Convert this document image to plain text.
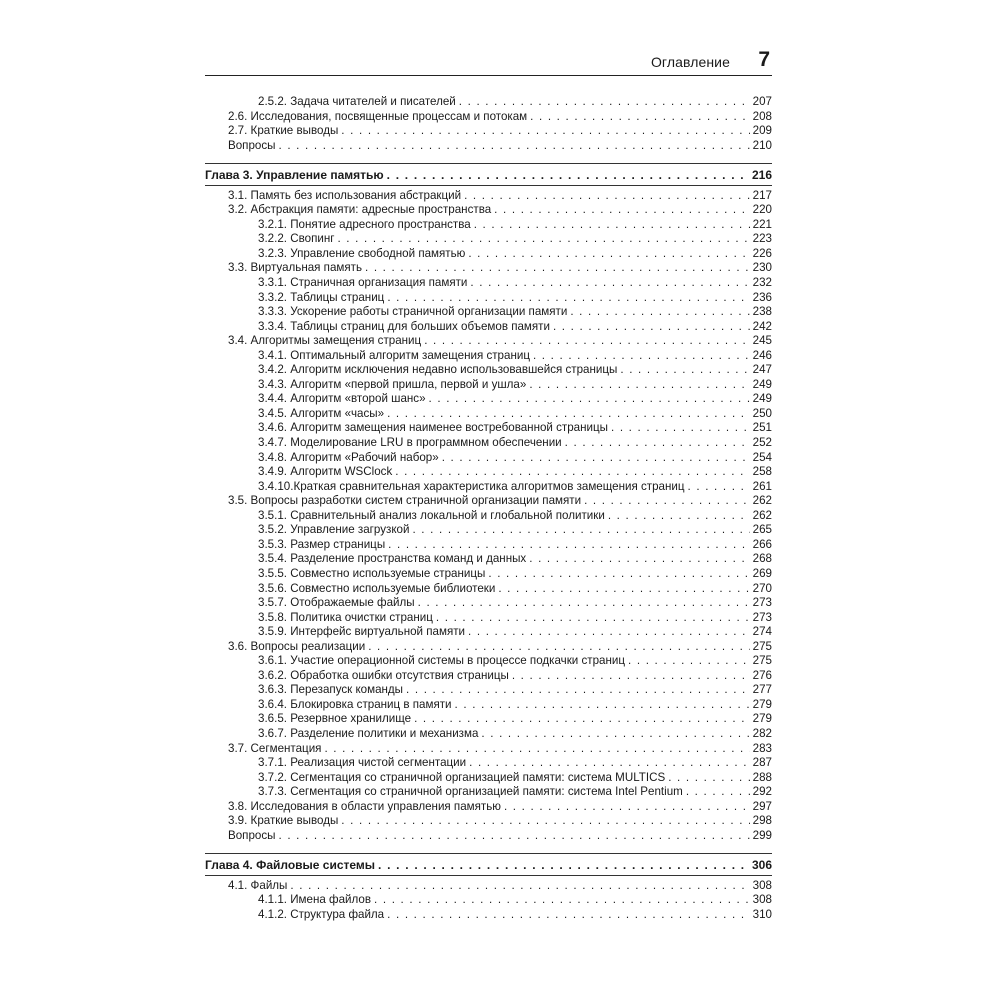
Оглавление 7
2.5.2. Задача читателей и писателей . . .	207
2.6. Исследования, посвященные процессам и потокам . . .	208
2.7. Краткие выводы . . .	209
Вопросы . . .	210
Глава 3. Управление памятью . . .	216
3.1. Память без использования абстракций . . .	217
3.2. Абстракция памяти: адресные пространства . . .	220
3.2.1. Понятие адресного пространства . . .	221
3.2.2. Свопинг . . .	223
3.2.3. Управление свободной памятью . . .	226
3.3. Виртуальная память . . .	230
3.3.1. Страничная организация памяти . . .	232
3.3.2. Таблицы страниц . . .	236
3.3.3. Ускорение работы страничной организации памяти . . .	238
3.3.4. Таблицы страниц для больших объемов памяти . . .	242
3.4. Алгоритмы замещения страниц . . .	245
3.4.1. Оптимальный алгоритм замещения страниц . . .	246
3.4.2. Алгоритм исключения недавно использовавшейся страницы . . .	247
3.4.3. Алгоритм «первой пришла, первой и ушла» . . .	249
3.4.4. Алгоритм «второй шанс» . . .	249
3.4.5. Алгоритм «часы» . . .	250
3.4.6. Алгоритм замещения наименее востребованной страницы . . .	251
3.4.7. Моделирование LRU в программном обеспечении . . .	252
3.4.8. Алгоритм «Рабочий набор» . . .	254
3.4.9. Алгоритм WSClock . . .	258
3.4.10.Краткая сравнительная характеристика алгоритмов замещения страниц . . .	261
3.5. Вопросы разработки систем страничной организации памяти . . .	262
3.5.1. Сравнительный анализ локальной и глобальной политики . . .	262
3.5.2. Управление загрузкой . . .	265
3.5.3. Размер страницы . . .	266
3.5.4. Разделение пространства команд и данных . . .	268
3.5.5. Совместно используемые страницы . . .	269
3.5.6. Совместно используемые библиотеки . . .	270
3.5.7. Отображаемые файлы . . .	273
3.5.8. Политика очистки страниц . . .	273
3.5.9. Интерфейс виртуальной памяти . . .	274
3.6. Вопросы реализации . . .	275
3.6.1. Участие операционной системы в процессе подкачки страниц . . .	275
3.6.2. Обработка ошибки отсутствия страницы . . .	276
3.6.3. Перезапуск команды . . .	277
3.6.4. Блокировка страниц в памяти . . .	279
3.6.5. Резервное хранилище . . .	279
3.6.7. Разделение политики и механизма . . .	282
3.7. Сегментация . . .	283
3.7.1. Реализация чистой сегментации . . .	287
3.7.2. Сегментация со страничной организацией памяти: система MULTICS . . .	288
3.7.3. Сегментация со страничной организацией памяти: система Intel Pentium . . .	292
3.8. Исследования в области управления памятью . . .	297
3.9. Краткие выводы . . .	298
Вопросы . . .	299
Глава 4. Файловые системы . . .	306
4.1. Файлы . . .	308
4.1.1. Имена файлов . . .	308
4.1.2. Структура файла . . .	310
